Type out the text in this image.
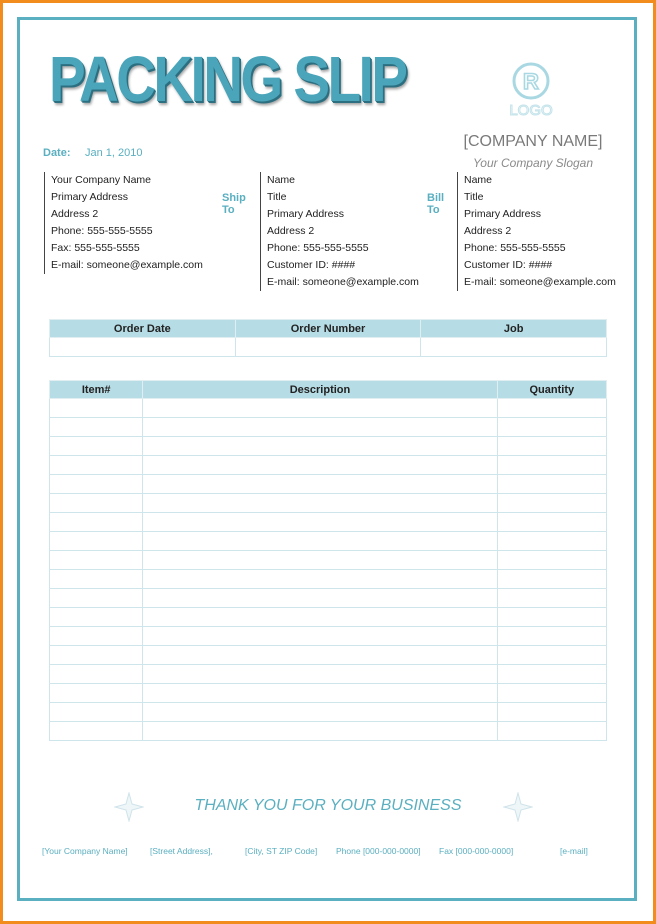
PACKING SLIP	R
LOGO
[COMPANY NAME]
Your Company Slogan
Date: Jan 1, 2010
Your Company Name
Primary Address
Address 2
Phone: 555-555-5555
Fax: 555-555-5555
E-mail: someone@example.com
Ship
To
Name
Title
Primary Address
Address 2
Phone: 555-555-5555
Customer ID: ####
E-mail: someone@example.com
Bill
To
Name
Title
Primary Address
Address 2
Phone: 555-555-5555
Customer ID: ####
E-mail: someone@example.com
Order Date	Order Number	Job

Item#	Description	Quantity

THANK YOU FOR YOUR BUSINESS
[Your Company Name]	[Street Address],	[City, ST ZIP Code] Phone [000-000-0000] Fax [000-000-0000]	[e-mail]
